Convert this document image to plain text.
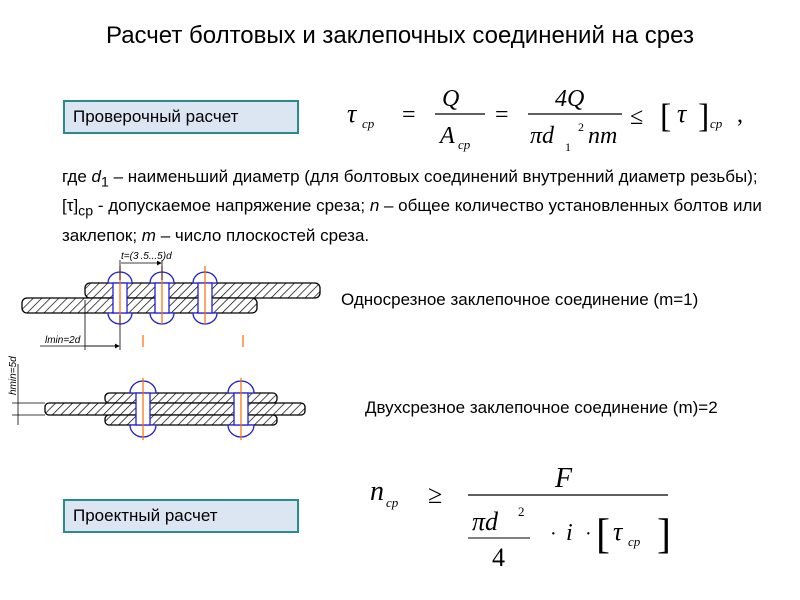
Расчет болтовых и заклепочных соединений на срез
Проверочный расчет
Проектный расчет
где $d_1$ – наименьший диаметр (для болтовых соединений внутренний диаметр резьбы); $[\tau]_{ср}$ - допускаемое напряжение среза; n – общее количество установленных болтов или заклепок; m – число плоскостей среза.
Односрезное заклепочное соединение (m=1)
Двухсрезное заклепочное соединение (m)=2
τ ср =
Q
A ср
=
4Q
πd 1
2 nm
≤ [ τ ] ср ,
t=(3 .5...5)d
lmin=2d
hmin=5d
n ср ≥
F
πd 2
4
· i · [ τ ср ]
